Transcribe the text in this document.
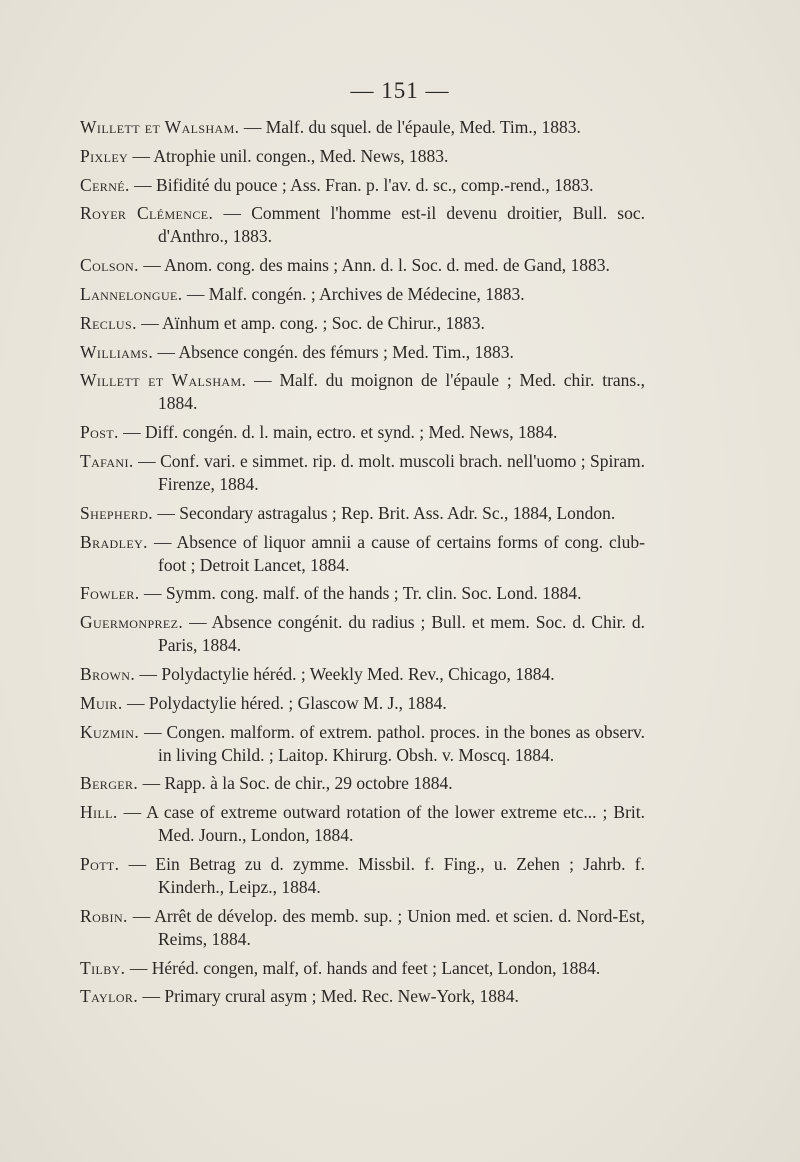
— 151 —

Willett et Walsham. — Malf. du squel. de l'épaule, Med. Tim., 1883.

Pixley — Atrophie unil. congen., Med. News, 1883.

Cerné. — Bifidité du pouce ; Ass. Fran. p. l'av. d. sc., comp.-rend., 1883.

Royer Clémence. — Comment l'homme est-il devenu droitier, Bull. soc. d'Anthro., 1883.

Colson. — Anom. cong. des mains ; Ann. d. l. Soc. d. med. de Gand, 1883.

Lannelongue. — Malf. congén. ; Archives de Médecine, 1883.

Reclus. — Aïnhum et amp. cong. ; Soc. de Chirur., 1883.

Williams. — Absence congén. des fémurs ; Med. Tim., 1883.

Willett et Walsham. — Malf. du moignon de l'épaule ; Med. chir. trans., 1884.

Post. — Diff. congén. d. l. main, ectro. et synd. ; Med. News, 1884.

Tafani. — Conf. vari. e simmet. rip. d. molt. muscoli brach. nell'uomo ; Spiram. Firenze, 1884.

Shepherd. — Secondary astragalus ; Rep. Brit. Ass. Adr. Sc., 1884, London.

Bradley. — Absence of liquor amnii a cause of certains forms of cong. club-foot ; Detroit Lancet, 1884.

Fowler. — Symm. cong. malf. of the hands ; Tr. clin. Soc. Lond. 1884.

Guermonprez. — Absence congénit. du radius ; Bull. et mem. Soc. d. Chir. d. Paris, 1884.

Brown. — Polydactylie héréd. ; Weekly Med. Rev., Chicago, 1884.

Muir. — Polydactylie héred. ; Glascow M. J., 1884.

Kuzmin. — Congen. malform. of extrem. pathol. proces. in the bones as observ. in living Child. ; Laitop. Khirurg. Obsh. v. Moscq. 1884.

Berger. — Rapp. à la Soc. de chir., 29 octobre 1884.

Hill. — A case of extreme outward rotation of the lower extreme etc... ; Brit. Med. Journ., London, 1884.

Pott. — Ein Betrag zu d. zymme. Missbil. f. Fing., u. Zehen ; Jahrb. f. Kinderh., Leipz., 1884.

Robin. — Arrêt de dévelop. des memb. sup. ; Union med. et scien. d. Nord-Est, Reims, 1884.

Tilby. — Héréd. congen, malf, of. hands and feet ; Lancet, London, 1884.

Taylor. — Primary crural asym ; Med. Rec. New-York, 1884.
